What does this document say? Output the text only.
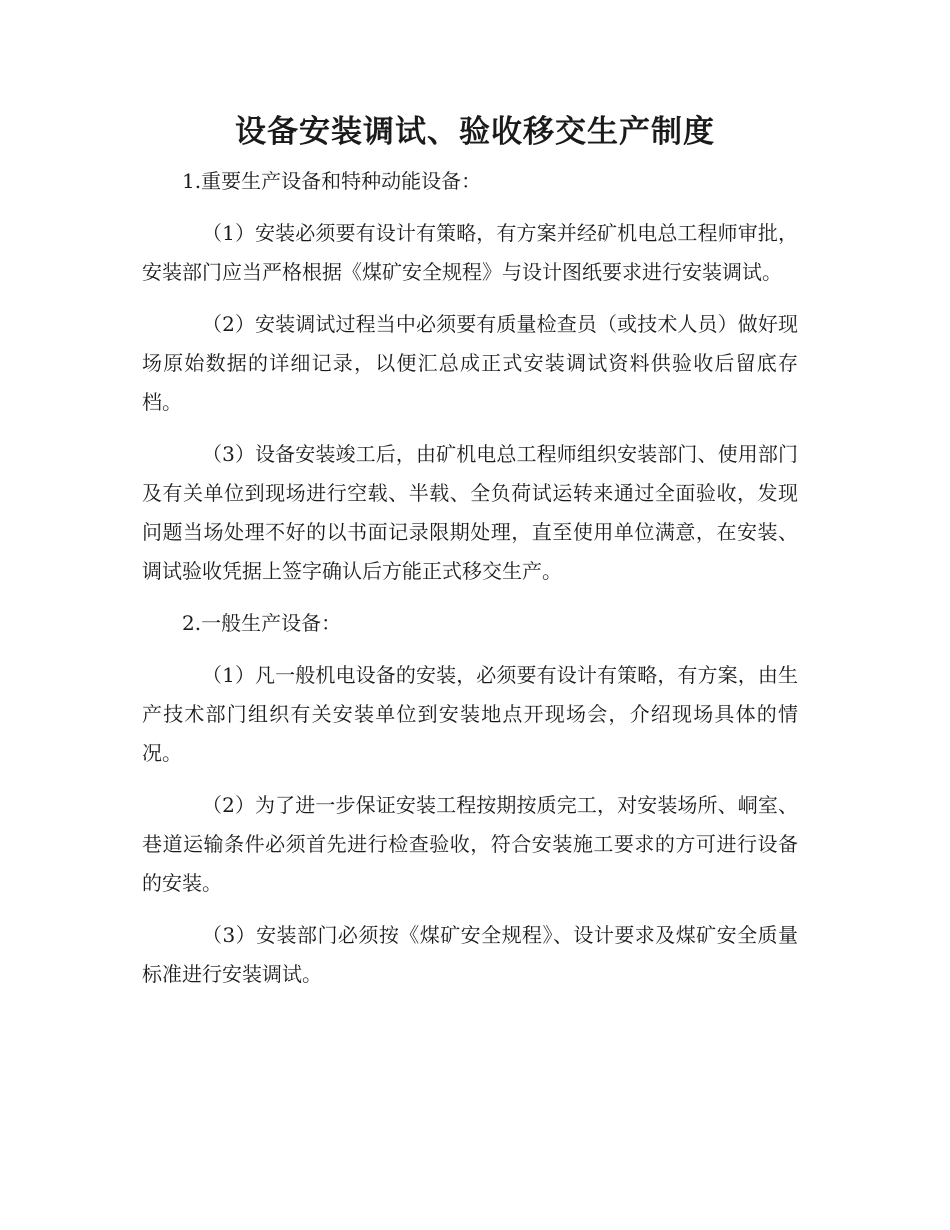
设备安装调试、验收移交生产制度

1.重要生产设备和特种动能设备：

（1）安装必须要有设计有策略，有方案并经矿机电总工程师审批，安装部门应当严格根据《煤矿安全规程》与设计图纸要求进行安装调试。

（2）安装调试过程当中必须要有质量检查员（或技术人员）做好现场原始数据的详细记录，以便汇总成正式安装调试资料供验收后留底存档。

（3）设备安装竣工后，由矿机电总工程师组织安装部门、使用部门及有关单位到现场进行空载、半载、全负荷试运转来通过全面验收，发现问题当场处理不好的以书面记录限期处理，直至使用单位满意，在安装、调试验收凭据上签字确认后方能正式移交生产。

2.一般生产设备：

（1）凡一般机电设备的安装，必须要有设计有策略，有方案，由生产技术部门组织有关安装单位到安装地点开现场会，介绍现场具体的情况。

（2）为了进一步保证安装工程按期按质完工，对安装场所、峒室、巷道运输条件必须首先进行检查验收，符合安装施工要求的方可进行设备的安装。

（3）安装部门必须按《煤矿安全规程》、设计要求及煤矿安全质量标准进行安装调试。
